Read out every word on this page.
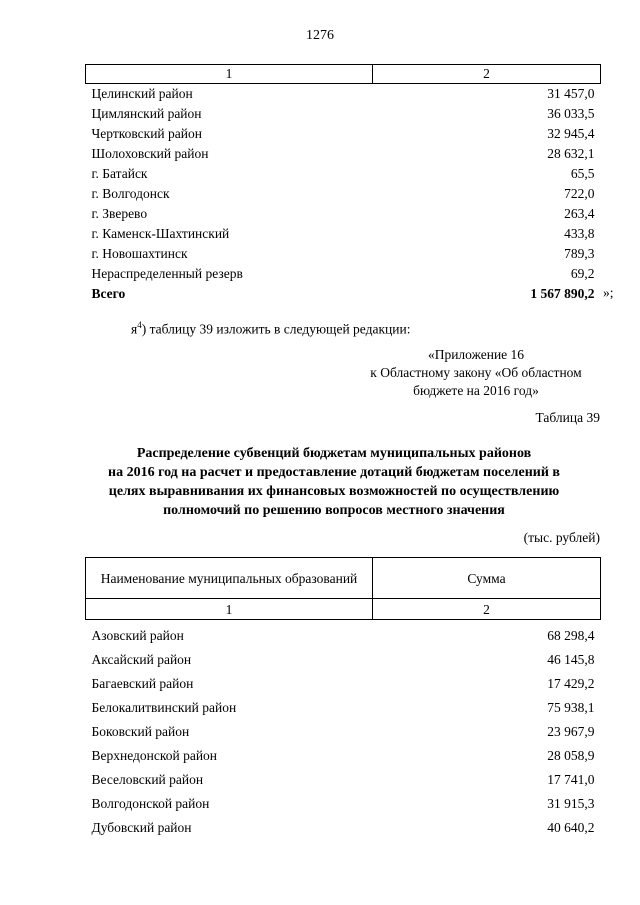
1276
1	2
Целинский район	31 457,0
Цимлянский район	36 033,5
Чертковский район	32 945,4
Шолоховский район	28 632,1
г. Батайск	65,5
г. Волгодонск	722,0
г. Зверево	263,4
г. Каменск-Шахтинский	433,8
г. Новошахтинск	789,3
Нераспределенный резерв	69,2
Всего	1 567 890,2 »;
$я^4$) таблицу 39 изложить в следующей редакции:
«Приложение 16
к Областному закону «Об областном
бюджете на 2016 год»
Таблица 39
Распределение субвенций бюджетам муниципальных районов
на 2016 год на расчет и предоставление дотаций бюджетам поселений в
целях выравнивания их финансовых возможностей по осуществлению
полномочий по решению вопросов местного значения
(тыс. рублей)
Наименование муниципальных образований	Сумма
1	2
Азовский район	68 298,4
Аксайский район	46 145,8
Багаевский район	17 429,2
Белокалитвинский район	75 938,1
Боковский район	23 967,9
Верхнедонской район	28 058,9
Веселовский район	17 741,0
Волгодонской район	31 915,3
Дубовский район	40 640,2
